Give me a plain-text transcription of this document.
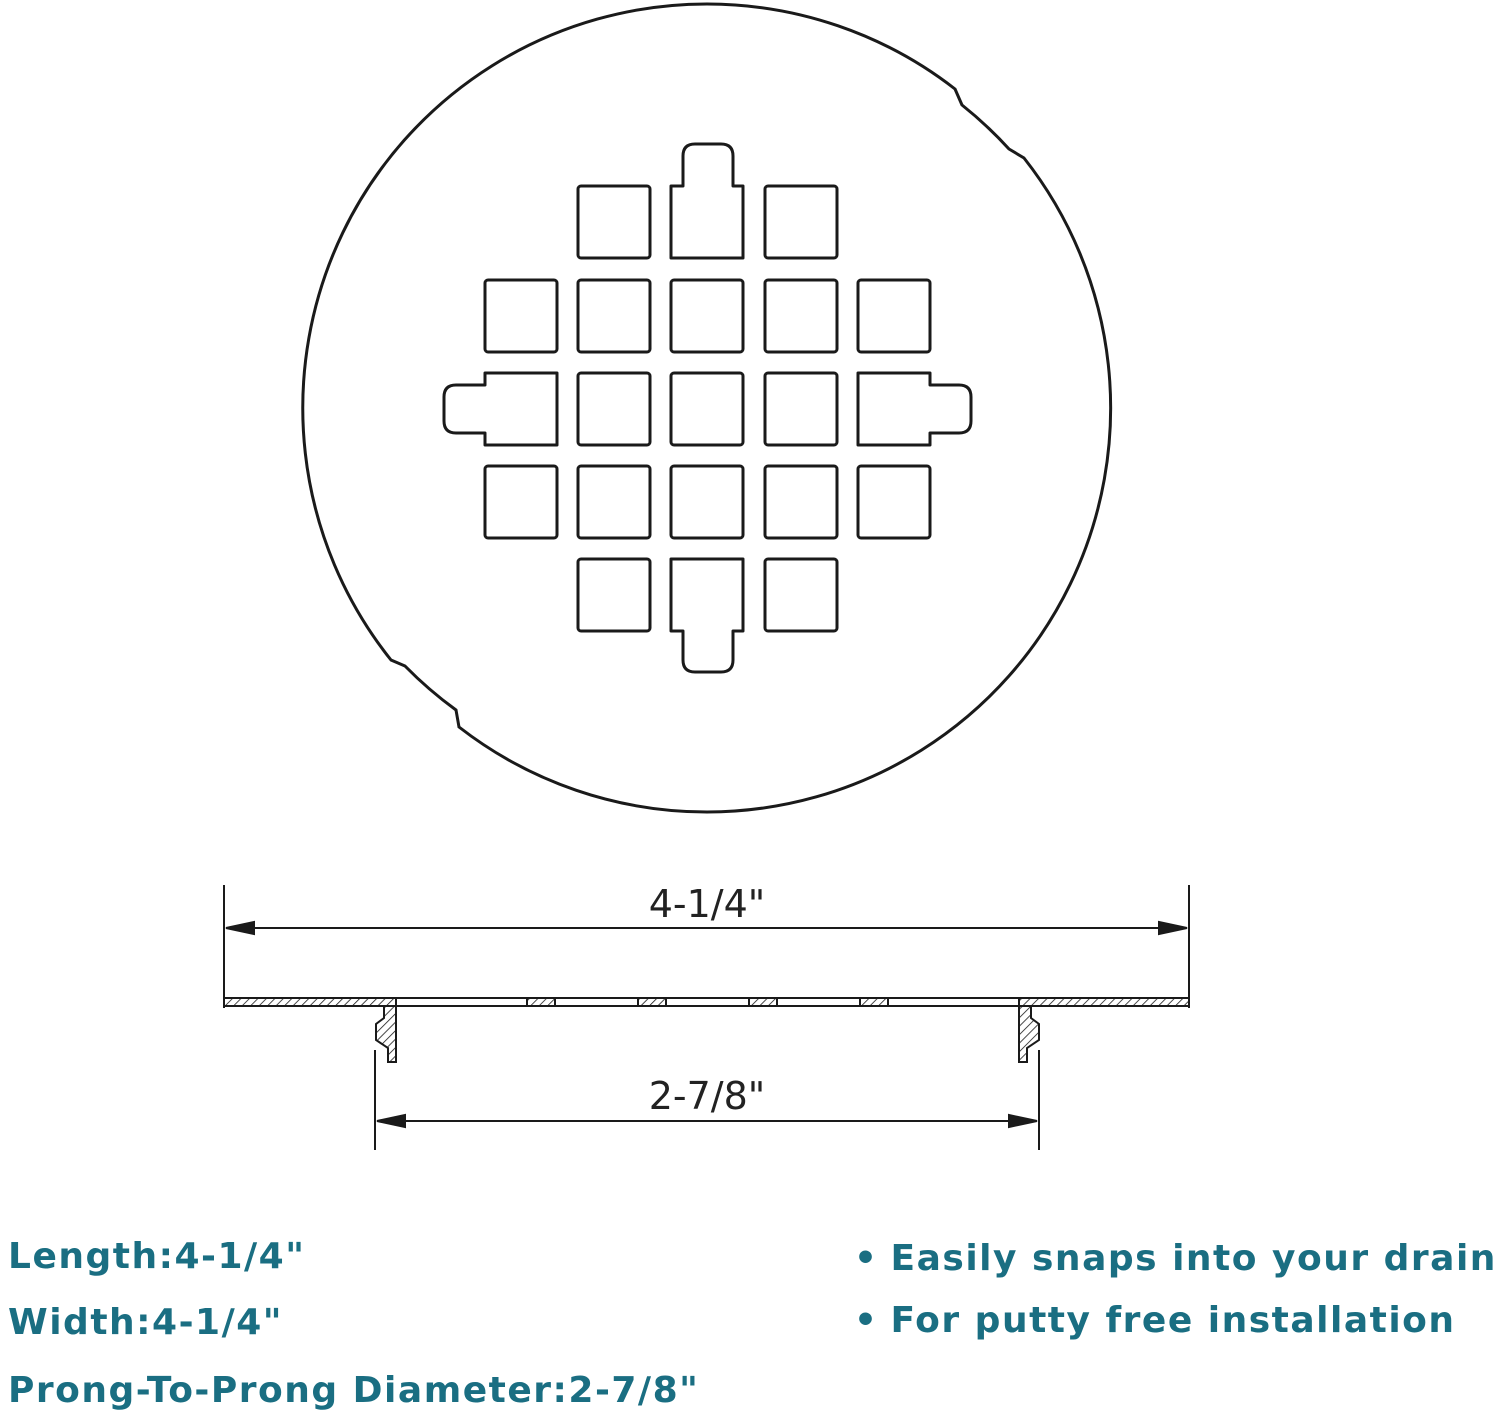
4-1/4"
2-7/8"
Length:4-1/4"
Width:4-1/4"
Prong-To-Prong Diameter:2-7/8"
• Easily snaps into your drain
• For putty free installation
